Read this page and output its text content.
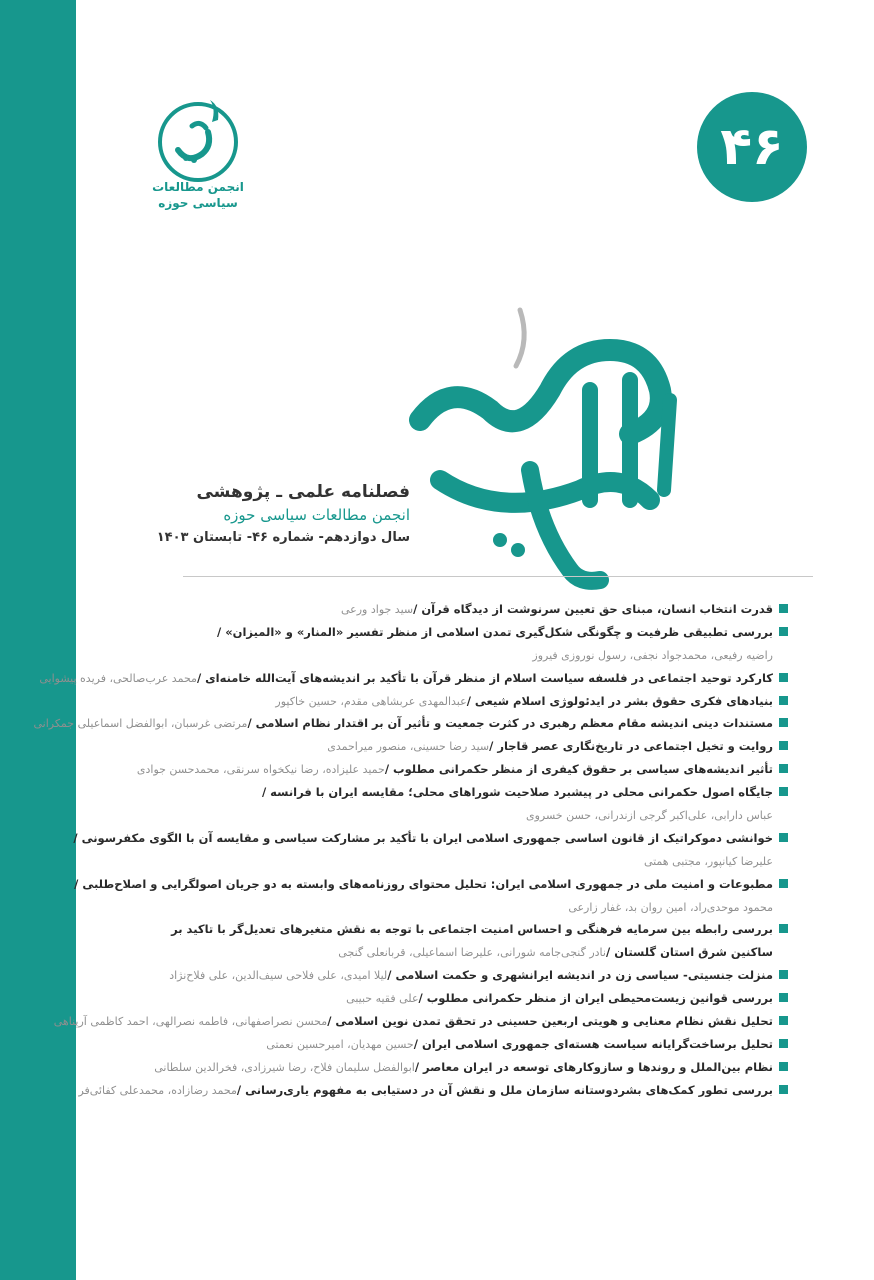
۴۶
انجمن مطالعات
سیاسی حوزه
فصلنامه علمی ـ پژوهشی
انجمن مطالعات سیاسی حوزه
سال دوازدهم- شماره ۴۶- تابستان ۱۴۰۳
قدرت انتخاب انسان، مبنای حق تعیین سرنوشت از دیدگاه قرآن /سید جواد ورعی
بررسی تطبیقی ظرفیت و چگونگی شکل‌گیری تمدن اسلامی از منظر تفسیر «المنار» و «المیزان» /
راضیه رفیعی، محمدجواد نجفی، رسول نوروزی فیروز
کارکرد توحید اجتماعی در فلسفه سیاست اسلام از منظر قرآن با تأکید بر اندیشه‌های آیت‌الله خامنه‌ای /محمد عرب‌صالحی، فریده پیشوایی
بنیادهای فکری حقوق بشر در ایدئولوژی اسلام شیعی /عبدالمهدی عربشاهی مقدم، حسین خاکپور
مستندات دینی اندیشه مقام معظم رهبری در کثرت جمعیت و تأثیر آن بر اقتدار نظام اسلامی /مرتضی غرسبان، ابوالفضل اسماعیلی جمکرانی
روایت و تخیل اجتماعی در تاریخ‌نگاری عصر قاجار /سید رضا حسینی، منصور میراحمدی
تأثیر اندیشه‌های سیاسی بر حقوق کیفری از منظر حکمرانی مطلوب /حمید علیزاده، رضا نیکخواه سرنقی، محمدحسن جوادی
جایگاه اصول حکمرانی محلی در پیشبرد صلاحیت شوراهای محلی؛ مقایسه ایران با فرانسه /
عباس دارابی، علی‌اکبر گرجی ازندرانی، حسن خسروی
خوانشی دموکراتیک از قانون اساسی جمهوری اسلامی ایران با تأکید بر مشارکت سیاسی و مقایسه آن با الگوی مکفرسونی /
علیرضا کیانپور، مجتبی همتی
مطبوعات و امنیت ملی در جمهوری اسلامی ایران: تحلیل محتوای روزنامه‌های وابسته به دو جریان اصولگرایی و اصلاح‌طلبی /
محمود موحدی‌راد، امین روان بد، غفار زارعی
بررسی رابطه بین سرمایه فرهنگی و احساس امنیت اجتماعی با توجه به نقش متغیرهای تعدیل‌گر با تاکید بر
ساکنین شرق استان گلستان /نادر گنجی‌جامه شورانی، علیرضا اسماعیلی، قربانعلی گنجی
منزلت جنسیتی- سیاسی زن در اندیشه ایرانشهری و حکمت اسلامی /لیلا امیدی، علی فلاحی سیف‌الدین، علی فلاح‌نژاد
بررسی قوانین زیست‌محیطی ایران از منظر حکمرانی مطلوب /علی فقیه حبیبی
تحلیل نقش نظام معنایی و هویتی اربعین حسینی در تحقق تمدن نوین اسلامی /محسن نصراصفهانی، فاطمه نصرالهی، احمد کاظمی آرپناهی
تحلیل برساخت‌گرایانه سیاست هسته‌ای جمهوری اسلامی ایران /حسین مهدیان، امیرحسین نعمتی
نظام بین‌الملل و روندها و سازوکارهای توسعه در ایران معاصر /ابوالفضل سلیمان فلاح، رضا شیرزادی، فخرالدین سلطانی
بررسی تطور کمک‌های بشردوستانه سازمان ملل و نقش آن در دستیابی به مفهوم یاری‌رسانی /محمد رضازاده، محمدعلی کفائی‌فر
